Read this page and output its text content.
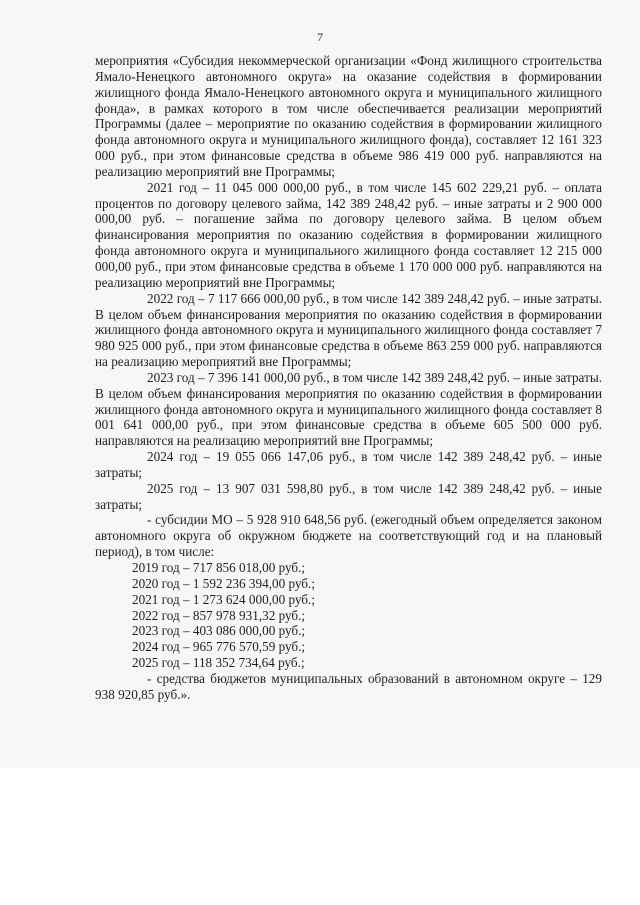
7

мероприятия «Субсидия некоммерческой организации «Фонд жилищного строительства Ямало-Ненецкого автономного округа» на оказание содействия в формировании жилищного фонда Ямало-Ненецкого автономного округа и муниципального жилищного фонда», в рамках которого в том числе обеспечивается реализации мероприятий Программы (далее – мероприятие по оказанию содействия в формировании жилищного фонда автономного округа и муниципального жилищного фонда), составляет 12 161 323 000 руб., при этом финансовые средства в объеме 986 419 000 руб. направляются на реализацию мероприятий вне Программы;

2021 год – 11 045 000 000,00 руб., в том числе 145 602 229,21 руб. – оплата процентов по договору целевого займа, 142 389 248,42 руб. – иные затраты и 2 900 000 000,00 руб. – погашение займа по договору целевого займа. В целом объем финансирования мероприятия по оказанию содействия в формировании жилищного фонда автономного округа и муниципального жилищного фонда составляет 12 215 000 000,00 руб., при этом финансовые средства в объеме 1 170 000 000 руб. направляются на реализацию мероприятий вне Программы;

2022 год – 7 117 666 000,00 руб., в том числе 142 389 248,42 руб. – иные затраты. В целом объем финансирования мероприятия по оказанию содействия в формировании жилищного фонда автономного округа и муниципального жилищного фонда составляет 7 980 925 000 руб., при этом финансовые средства в объеме 863 259 000 руб. направляются на реализацию мероприятий вне Программы;

2023 год – 7 396 141 000,00 руб., в том числе 142 389 248,42 руб. – иные затраты. В целом объем финансирования мероприятия по оказанию содействия в формировании жилищного фонда автономного округа и муниципального жилищного фонда составляет 8 001 641 000,00 руб., при этом финансовые средства в объеме 605 500 000 руб. направляются на реализацию мероприятий вне Программы;

2024 год – 19 055 066 147,06 руб., в том числе 142 389 248,42 руб. – иные затраты;

2025 год – 13 907 031 598,80 руб., в том числе 142 389 248,42 руб. – иные затраты;

- субсидии МО – 5 928 910 648,56 руб. (ежегодный объем определяется законом автономного округа об окружном бюджете на соответствующий год и на плановый период), в том числе:

2019 год – 717 856 018,00 руб.;
2020 год – 1 592 236 394,00 руб.;
2021 год – 1 273 624 000,00 руб.;
2022 год – 857 978 931,32 руб.;
2023 год – 403 086 000,00 руб.;
2024 год – 965 776 570,59 руб.;
2025 год – 118 352 734,64 руб.;

- средства бюджетов муниципальных образований в автономном округе – 129 938 920,85 руб.».
